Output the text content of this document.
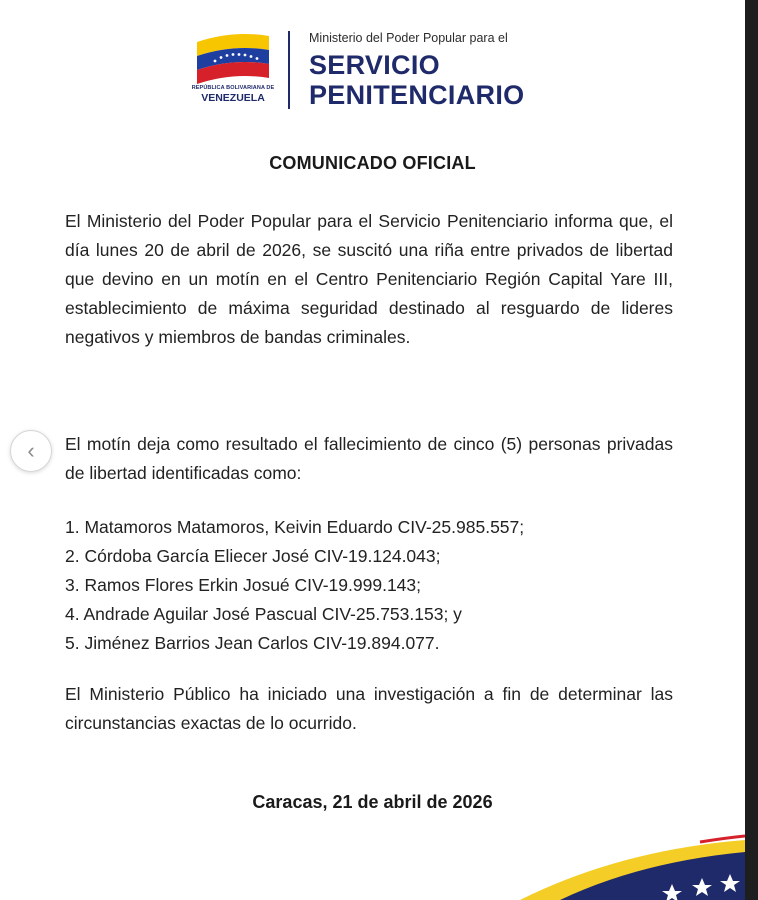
REPÚBLICA BOLIVARIANA DE
VENEZUELA
Ministerio del Poder Popular para el
SERVICIO
PENITENCIARIO
COMUNICADO OFICIAL

El Ministerio del Poder Popular para el Servicio Penitenciario informa que, el día lunes 20 de abril de 2026, se suscitó una riña entre privados de libertad que devino en un motín en el Centro Penitenciario Región Capital Yare III, establecimiento de máxima seguridad destinado al resguardo de lideres negativos y miembros de bandas criminales.

El motín deja como resultado el fallecimiento de cinco (5) personas privadas de libertad identificadas como:

1. Matamoros Matamoros, Keivin Eduardo CIV-25.985.557;
2. Córdoba García Eliecer José CIV-19.124.043;
3. Ramos Flores Erkin Josué CIV-19.999.143;
4. Andrade Aguilar José Pascual CIV-25.753.153; y
5. Jiménez Barrios Jean Carlos CIV-19.894.077.

El Ministerio Público ha iniciado una investigación a fin de determinar las circunstancias exactas de lo ocurrido.

Caracas, 21 de abril de 2026
‹
